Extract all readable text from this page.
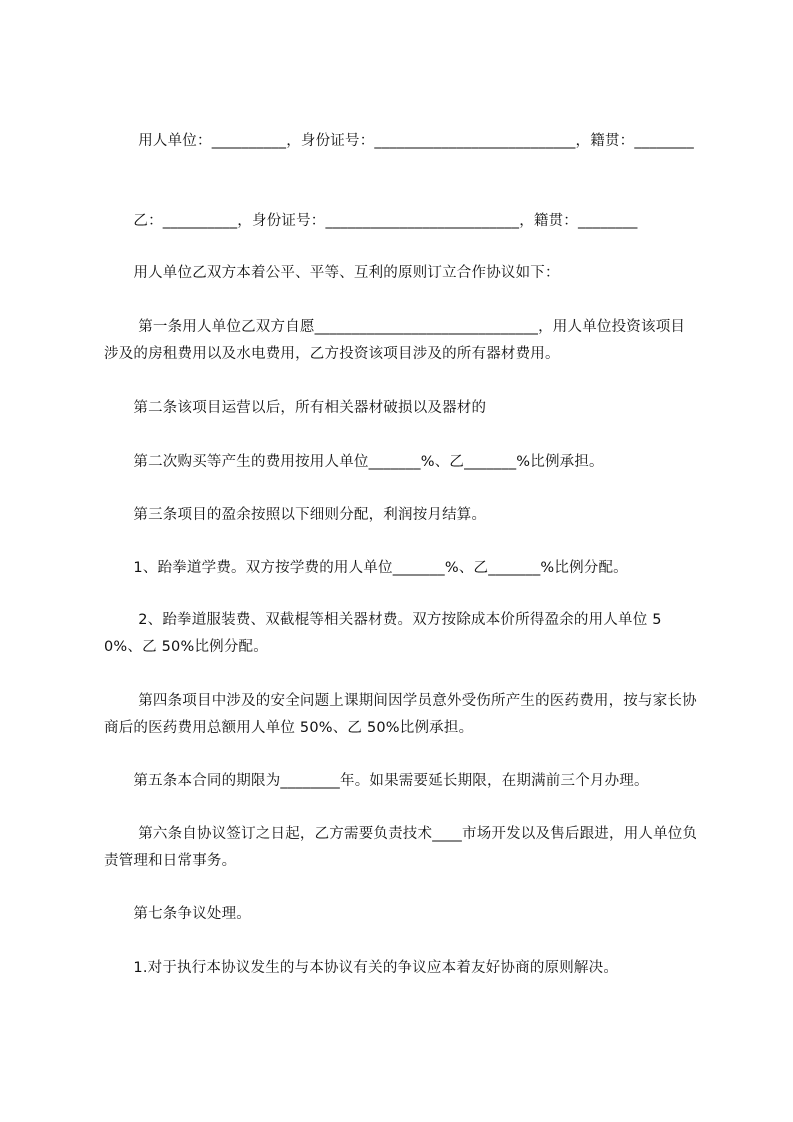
　　 用人单位：__________，身份证号：___________________________，籍贯：________

　　乙：__________，身份证号：__________________________，籍贯：________

　　用人单位乙双方本着公平、平等、互利的原则订立合作协议如下：

　　 第一条用人单位乙双方自愿______________________________，用人单位投资该项目涉及的房租费用以及水电费用，乙方投资该项目涉及的所有器材费用。

　　第二条该项目运营以后，所有相关器材破损以及器材的

　　第二次购买等产生的费用按用人单位_______%、乙_______%比例承担。

　　第三条项目的盈余按照以下细则分配，利润按月结算。

　　1、跆拳道学费。双方按学费的用人单位_______%、乙_______%比例分配。

　　 2、跆拳道服装费、双截棍等相关器材费。双方按除成本价所得盈余的用人单位 50%、乙 50%比例分配。

　　 第四条项目中涉及的安全问题上课期间因学员意外受伤所产生的医药费用，按与家长协商后的医药费用总额用人单位 50%、乙 50%比例承担。

　　第五条本合同的期限为________年。如果需要延长期限，在期满前三个月办理。

　　 第六条自协议签订之日起，乙方需要负责技术____市场开发以及售后跟进，用人单位负责管理和日常事务。

　　第七条争议处理。

　　1.对于执行本协议发生的与本协议有关的争议应本着友好协商的原则解决。
